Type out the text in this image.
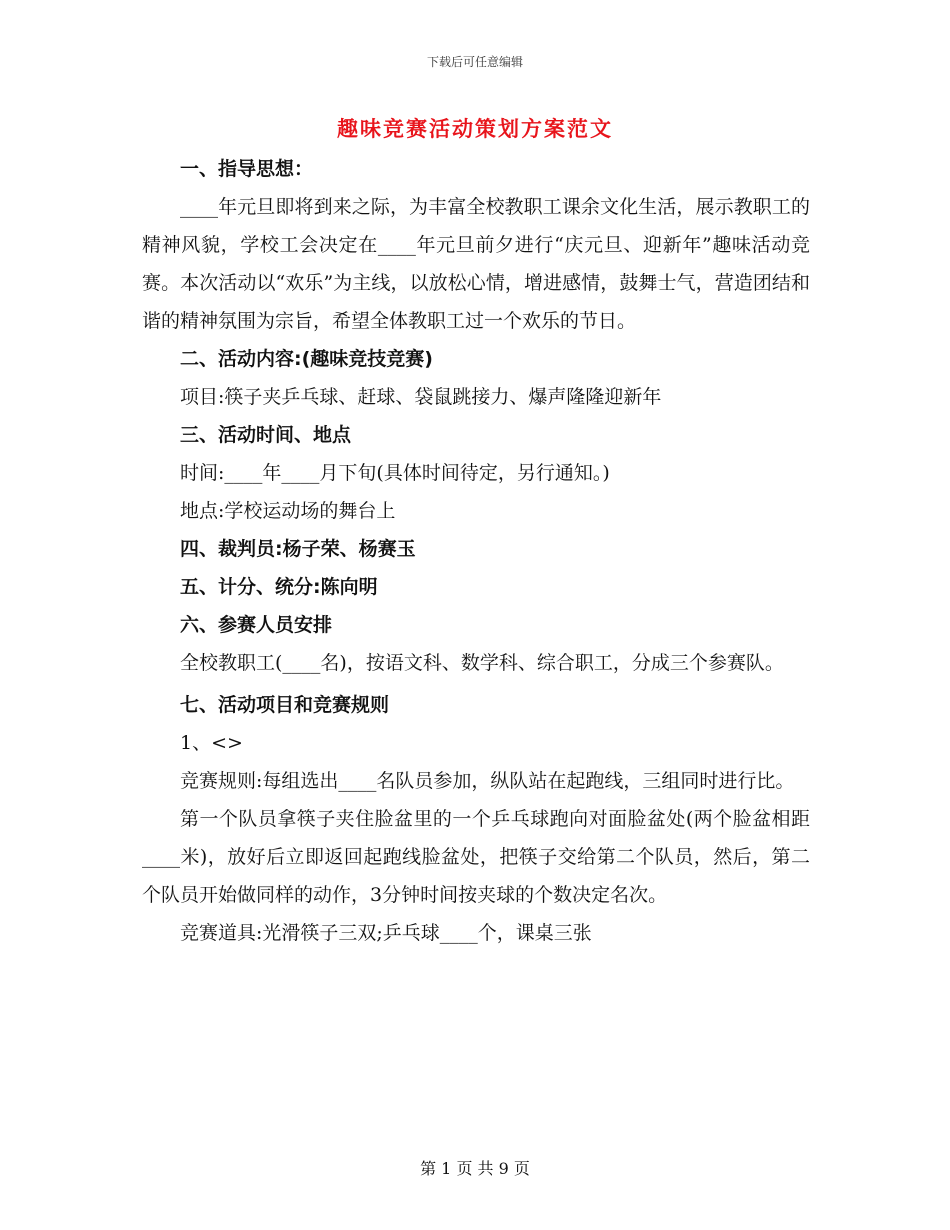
下载后可任意编辑
趣味竞赛活动策划方案范文

一、指导思想：

____年元旦即将到来之际，为丰富全校教职工课余文化生活，展示教职工的精神风貌，学校工会决定在____年元旦前夕进行“庆元旦、迎新年”趣味活动竞赛。本次活动以“欢乐”为主线，以放松心情，增进感情，鼓舞士气，营造团结和谐的精神氛围为宗旨，希望全体教职工过一个欢乐的节日。

二、活动内容:(趣味竞技竞赛)

项目:筷子夹乒乓球、赶球、袋鼠跳接力、爆声隆隆迎新年

三、活动时间、地点

时间:____年____月下旬(具体时间待定，另行通知。)

地点:学校运动场的舞台上

四、裁判员:杨子荣、杨赛玉

五、计分、统分:陈向明

六、参赛人员安排

全校教职工(____名)，按语文科、数学科、综合职工，分成三个参赛队。

七、活动项目和竞赛规则

1、<>

竞赛规则:每组选出____名队员参加，纵队站在起跑线，三组同时进行比。

第一个队员拿筷子夹住脸盆里的一个乒乓球跑向对面脸盆处(两个脸盆相距____米)，放好后立即返回起跑线脸盆处，把筷子交给第二个队员，然后，第二个队员开始做同样的动作，3分钟时间按夹球的个数决定名次。

竞赛道具:光滑筷子三双;乒乓球____个，课桌三张

第 1 页 共 9 页
